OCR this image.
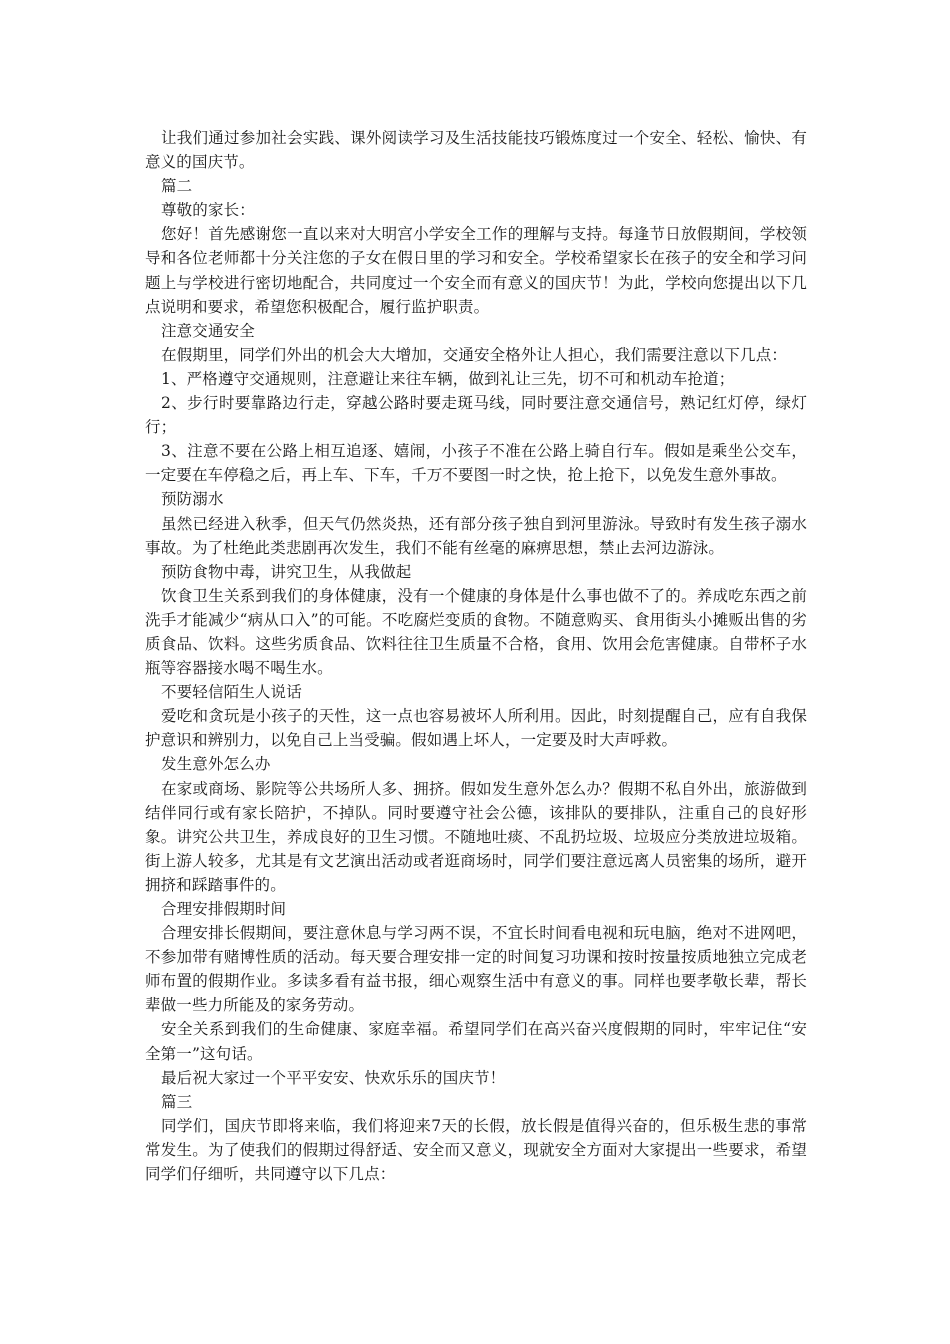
让我们通过参加社会实践、课外阅读学习及生活技能技巧锻炼度过一个安全、轻松、愉快、有意义的国庆节。

篇二

尊敬的家长：

您好！首先感谢您一直以来对大明宫小学安全工作的理解与支持。每逢节日放假期间，学校领导和各位老师都十分关注您的子女在假日里的学习和安全。学校希望家长在孩子的安全和学习问题上与学校进行密切地配合，共同度过一个安全而有意义的国庆节！为此，学校向您提出以下几点说明和要求，希望您积极配合，履行监护职责。

注意交通安全

在假期里，同学们外出的机会大大增加，交通安全格外让人担心，我们需要注意以下几点：

1、严格遵守交通规则，注意避让来往车辆，做到礼让三先，切不可和机动车抢道；

2、步行时要靠路边行走，穿越公路时要走斑马线，同时要注意交通信号，熟记红灯停，绿灯行；

3、注意不要在公路上相互追逐、嬉闹，小孩子不准在公路上骑自行车。假如是乘坐公交车，一定要在车停稳之后，再上车、下车，千万不要图一时之快，抢上抢下，以免发生意外事故。

预防溺水

虽然已经进入秋季，但天气仍然炎热，还有部分孩子独自到河里游泳。导致时有发生孩子溺水事故。为了杜绝此类悲剧再次发生，我们不能有丝毫的麻痹思想，禁止去河边游泳。

预防食物中毒，讲究卫生，从我做起

饮食卫生关系到我们的身体健康，没有一个健康的身体是什么事也做不了的。养成吃东西之前洗手才能减少“病从口入”的可能。不吃腐烂变质的食物。不随意购买、食用街头小摊贩出售的劣质食品、饮料。这些劣质食品、饮料往往卫生质量不合格，食用、饮用会危害健康。自带杯子水瓶等容器接水喝不喝生水。

不要轻信陌生人说话

爱吃和贪玩是小孩子的天性，这一点也容易被坏人所利用。因此，时刻提醒自己，应有自我保护意识和辨别力，以免自己上当受骗。假如遇上坏人，一定要及时大声呼救。

发生意外怎么办

在家或商场、影院等公共场所人多、拥挤。假如发生意外怎么办？假期不私自外出，旅游做到结伴同行或有家长陪护，不掉队。同时要遵守社会公德，该排队的要排队，注重自己的良好形象。讲究公共卫生，养成良好的卫生习惯。不随地吐痰、不乱扔垃圾、垃圾应分类放进垃圾箱。街上游人较多，尤其是有文艺演出活动或者逛商场时，同学们要注意远离人员密集的场所，避开拥挤和踩踏事件的。

合理安排假期时间

合理安排长假期间，要注意休息与学习两不误，不宜长时间看电视和玩电脑，绝对不进网吧，不参加带有赌博性质的活动。每天要合理安排一定的时间复习功课和按时按量按质地独立完成老师布置的假期作业。多读多看有益书报，细心观察生活中有意义的事。同样也要孝敬长辈，帮长辈做一些力所能及的家务劳动。

安全关系到我们的生命健康、家庭幸福。希望同学们在高兴奋兴度假期的同时，牢牢记住“安全第一”这句话。

最后祝大家过一个平平安安、快欢乐乐的国庆节！

篇三

同学们，国庆节即将来临，我们将迎来7天的长假，放长假是值得兴奋的，但乐极生悲的事常常发生。为了使我们的假期过得舒适、安全而又意义，现就安全方面对大家提出一些要求，希望同学们仔细听，共同遵守以下几点：
